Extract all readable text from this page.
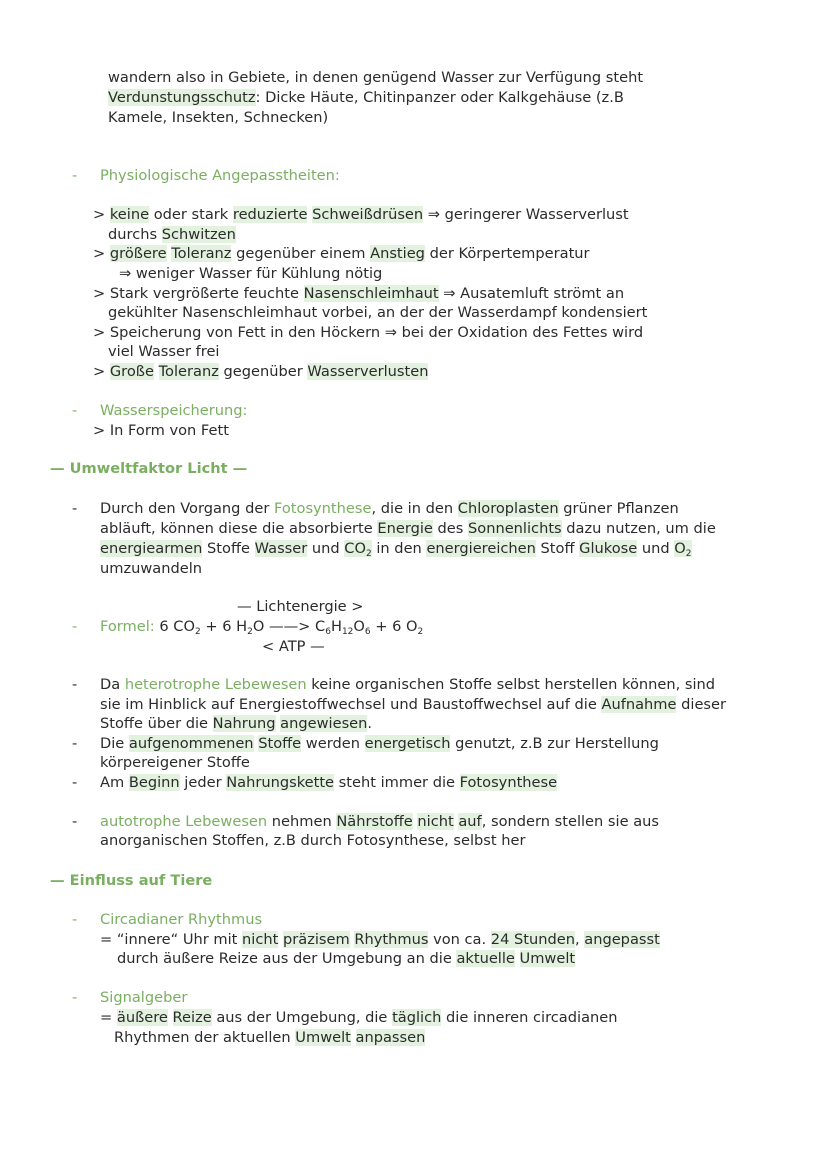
wandern also in Gebiete, in denen genügend Wasser zur Verfügung steht
Verdunstungsschutz: Dicke Häute, Chitinpanzer oder Kalkgehäuse (z.B
Kamele, Insekten, Schnecken)
- Physiologische Angepasstheiten:
> keine oder stark reduzierte Schweißdrüsen ⇒ geringerer Wasserverlust
durchs Schwitzen
> größere Toleranz gegenüber einem Anstieg der Körpertemperatur
⇒ weniger Wasser für Kühlung nötig
> Stark vergrößerte feuchte Nasenschleimhaut ⇒ Ausatemluft strömt an
gekühlter Nasenschleimhaut vorbei, an der der Wasserdampf kondensiert
> Speicherung von Fett in den Höckern ⇒ bei der Oxidation des Fettes wird
viel Wasser frei
> Große Toleranz gegenüber Wasserverlusten
- Wasserspeicherung:
> In Form von Fett
— Umweltfaktor Licht —
- Durch den Vorgang der Fotosynthese, die in den Chloroplasten grüner Pflanzen
abläuft, können diese die absorbierte Energie des Sonnenlichts dazu nutzen, um die
energiearmen Stoffe Wasser und $CO_2$ in den energiereichen Stoff Glukose und $O_2$
umzuwandeln
— Lichtenergie >
- Formel: 6 $CO_2 + 6$ $H_2O$ ——> $C_6H_{12}O_6 + 6$ $O_2$
< ATP —
- Da heterotrophe Lebewesen keine organischen Stoffe selbst herstellen können, sind
sie im Hinblick auf Energiestoffwechsel und Baustoffwechsel auf die Aufnahme dieser
Stoffe über die Nahrung angewiesen.
- Die aufgenommenen Stoffe werden energetisch genutzt, z.B zur Herstellung
körpereigener Stoffe
- Am Beginn jeder Nahrungskette steht immer die Fotosynthese
- autotrophe Lebewesen nehmen Nährstoffe nicht auf, sondern stellen sie aus
anorganischen Stoffen, z.B durch Fotosynthese, selbst her
— Einfluss auf Tiere
- Circadianer Rhythmus
= “innere“ Uhr mit nicht präzisem Rhythmus von ca. 24 Stunden, angepasst
durch äußere Reize aus der Umgebung an die aktuelle Umwelt
- Signalgeber
= äußere Reize aus der Umgebung, die täglich die inneren circadianen
Rhythmen der aktuellen Umwelt anpassen
